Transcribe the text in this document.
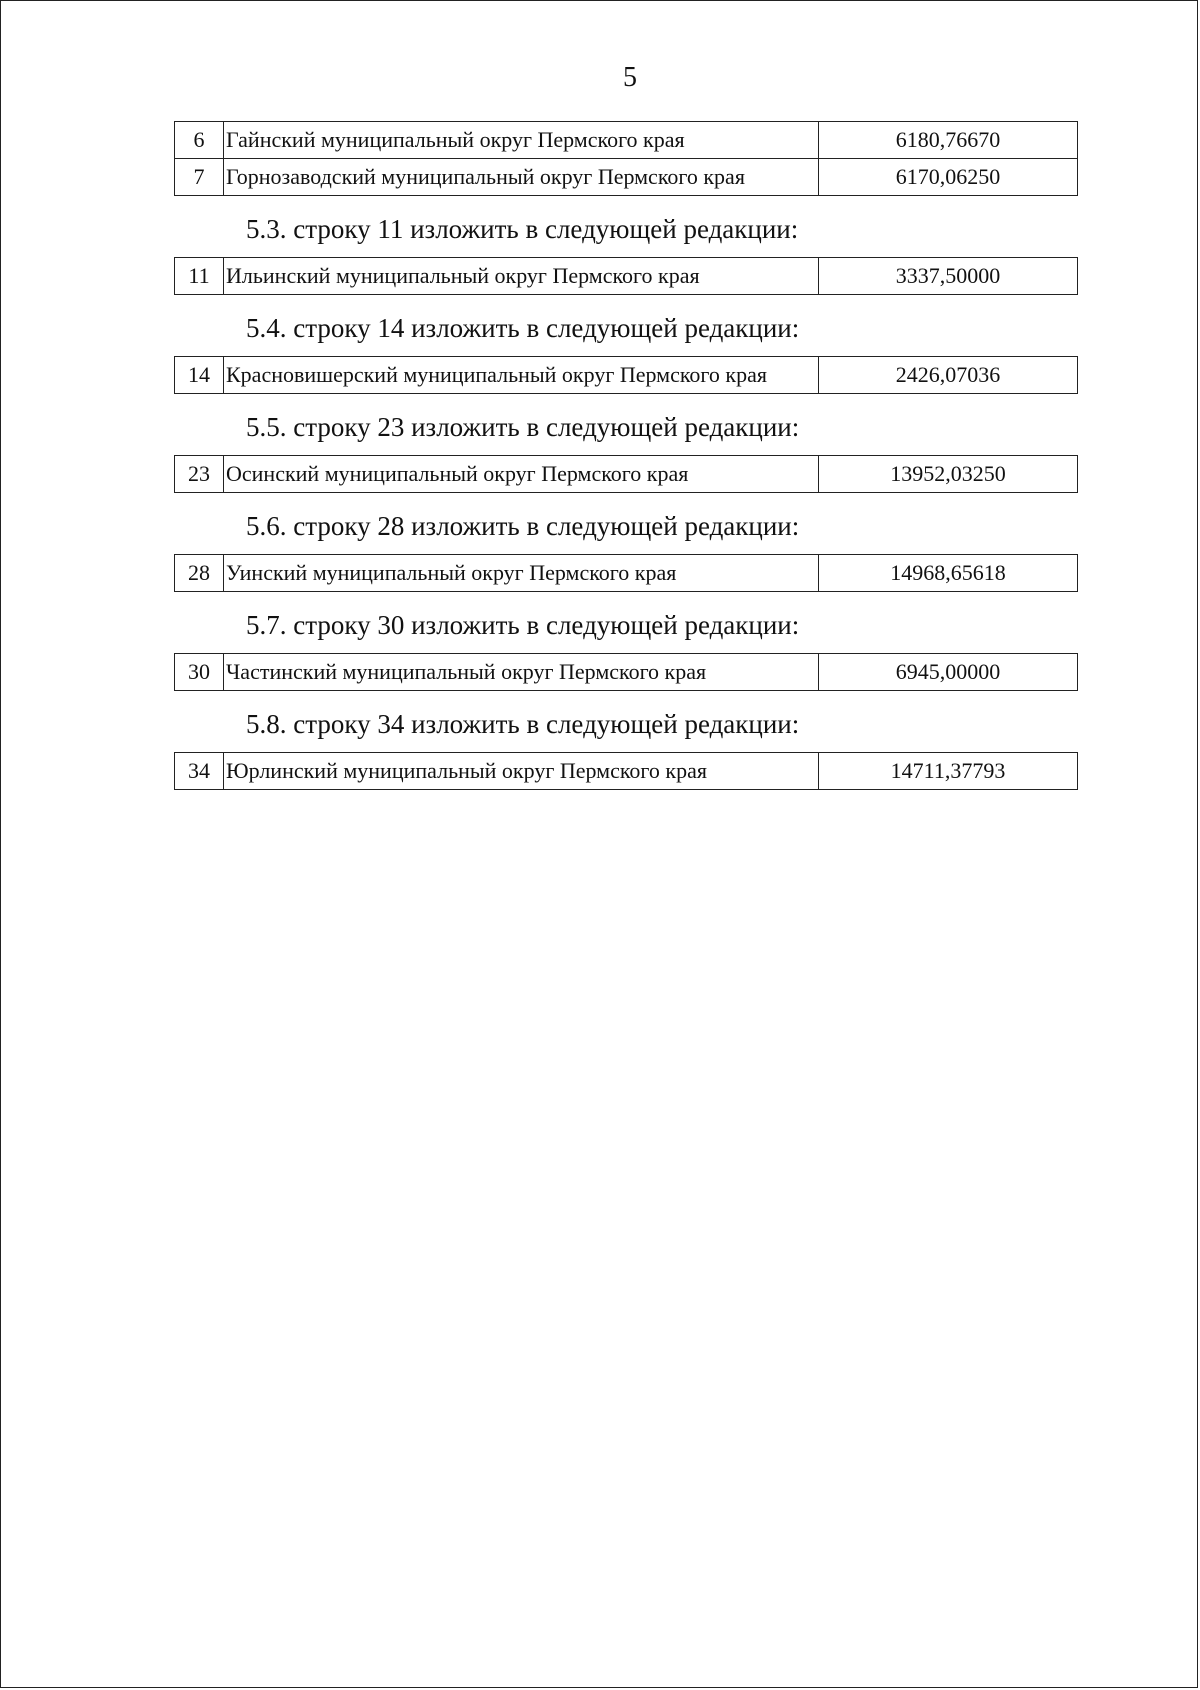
5
6	Гайнский муниципальный округ Пермского края	6180,76670
7	Горнозаводский муниципальный округ Пермского края	6170,06250
5.3. строку 11 изложить в следующей редакции:
11	Ильинский муниципальный округ Пермского края	3337,50000
5.4. строку 14 изложить в следующей редакции:
14	Красновишерский муниципальный округ Пермского края	2426,07036
5.5. строку 23 изложить в следующей редакции:
23	Осинский муниципальный округ Пермского края	13952,03250
5.6. строку 28 изложить в следующей редакции:
28	Уинский муниципальный округ Пермского края	14968,65618
5.7. строку 30 изложить в следующей редакции:
30	Частинский муниципальный округ Пермского края	6945,00000
5.8. строку 34 изложить в следующей редакции:
34	Юрлинский муниципальный округ Пермского края	14711,37793
